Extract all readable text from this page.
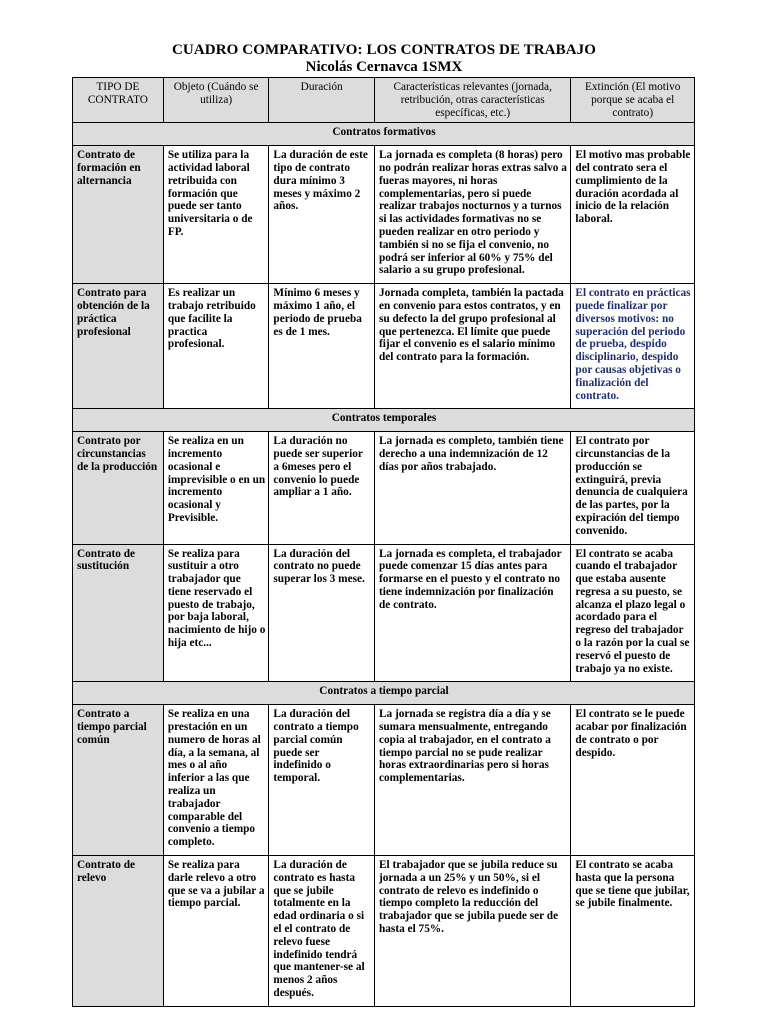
CUADRO COMPARATIVO: LOS CONTRATOS DE TRABAJO
Nicolás Cernavca 1SMX
TIPO DE CONTRATO	Objeto (Cuándo se utiliza)	Duración	Características relevantes (jornada, retribución, otras características específicas, etc.)	Extinción (El motivo porque se acaba el contrato)
Contratos formativos				
Contrato de formación en alternancia	Se utiliza para la actividad laboral retribuida con formación que puede ser tanto universitaria o de FP.	La duración de este tipo de contrato dura mínimo 3 meses y máximo 2 años.	La jornada es completa (8 horas) pero no podrán realizar horas extras salvo a fueras mayores, ni horas complementarias, pero si puede realizar trabajos nocturnos y a turnos si las actividades formativas no se pueden realizar en otro periodo y también si no se fija el convenio, no podrá ser inferior al 60% y 75% del salario a su grupo profesional.	El motivo mas probable del contrato sera el cumplimiento de la duración acordada al inicio de la relación laboral.
Contrato para obtención de la práctica profesional	Es realizar un trabajo retribuido que facilite la practica profesional.	Mínimo 6 meses y máximo 1 año, el periodo de prueba es de 1 mes.	Jornada completa, también la pactada en convenio para estos contratos, y en su defecto la del grupo profesional al que pertenezca. El límite que puede fijar el convenio es el salario mínimo del contrato para la formación.	El contrato en prácticas puede finalizar por diversos motivos: no superación del periodo de prueba, despido disciplinario, despido por causas objetivas o finalización del contrato.
Contratos temporales				
Contrato por circunstancias de la producción	Se realiza en un incremento ocasional e imprevisible o en un incremento ocasional y Previsible.	La duración no puede ser superior a 6meses pero el convenio lo puede ampliar a 1 año.	La jornada es completo, también tiene derecho a una indemnización de 12 días por años trabajado.	El contrato por circunstancias de la producción se extinguirá, previa denuncia de cualquiera de las partes, por la expiración del tiempo convenido.
Contrato de sustitución	Se realiza para sustituir a otro trabajador que tiene reservado el puesto de trabajo, por baja laboral, nacimiento de hijo o hija etc...	La duración del contrato no puede superar los 3 mese.	La jornada es completa, el trabajador puede comenzar 15 días antes para formarse en el puesto y el contrato no tiene indemnización por finalización de contrato.	El contrato se acaba cuando el trabajador que estaba ausente regresa a su puesto, se alcanza el plazo legal o acordado para el regreso del trabajador o la razón por la cual se reservó el puesto de trabajo ya no existe.
Contratos a tiempo parcial				
Contrato a tiempo parcial común	Se realiza en una prestación en un numero de horas al día, a la semana, al mes o al año inferior a las que realiza un trabajador comparable del convenio a tiempo completo.	La duración del contrato a tiempo parcial común puede ser indefinido o temporal.	La jornada se registra día a día y se sumara mensualmente, entregando copia al trabajador, en el contrato a tiempo parcial no se pude realizar horas extraordinarias pero si horas complementarias.	El contrato se le puede acabar por finalización de contrato o por despido.
Contrato de relevo	Se realiza para darle relevo a otro que se va a jubilar a tiempo parcial.	La duración de contrato es hasta que se jubile totalmente en la edad ordinaria o si el el contrato de relevo fuese indefinido tendrá que mantener-se al menos 2 años después.	El trabajador que se jubila reduce su jornada a un 25% y un 50%, si el contrato de relevo es indefinido o tiempo completo la reducción del trabajador que se jubila puede ser de hasta el 75%.	El contrato se acaba hasta que la persona que se tiene que jubilar, se jubile finalmente.
